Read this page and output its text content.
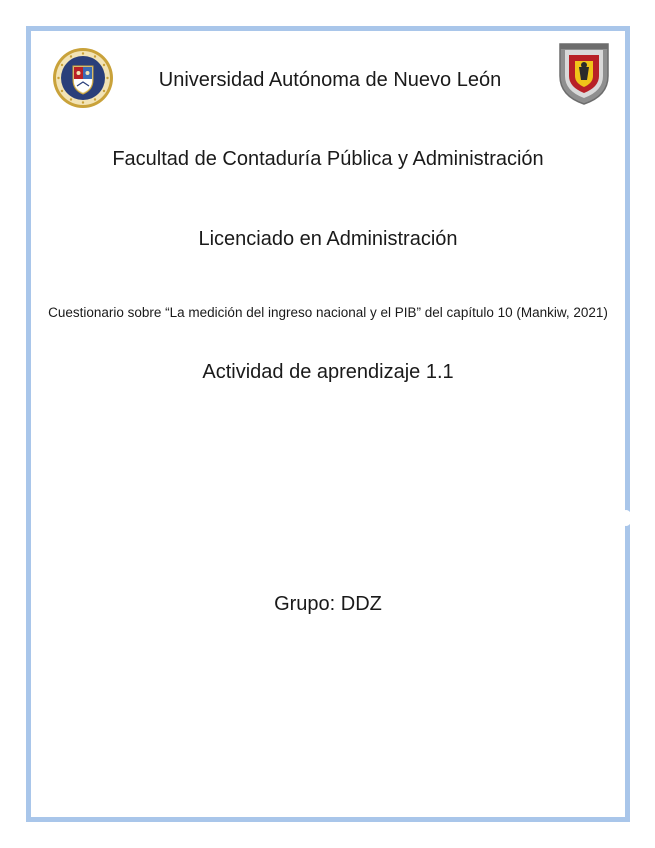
Universidad Autónoma de Nuevo León
Facultad de Contaduría Pública y Administración
Licenciado en Administración
Cuestionario sobre “La medición del ingreso nacional y el PIB” del capítulo 10 (Mankiw, 2021)
Actividad de aprendizaje 1.1
Grupo: DDZ
